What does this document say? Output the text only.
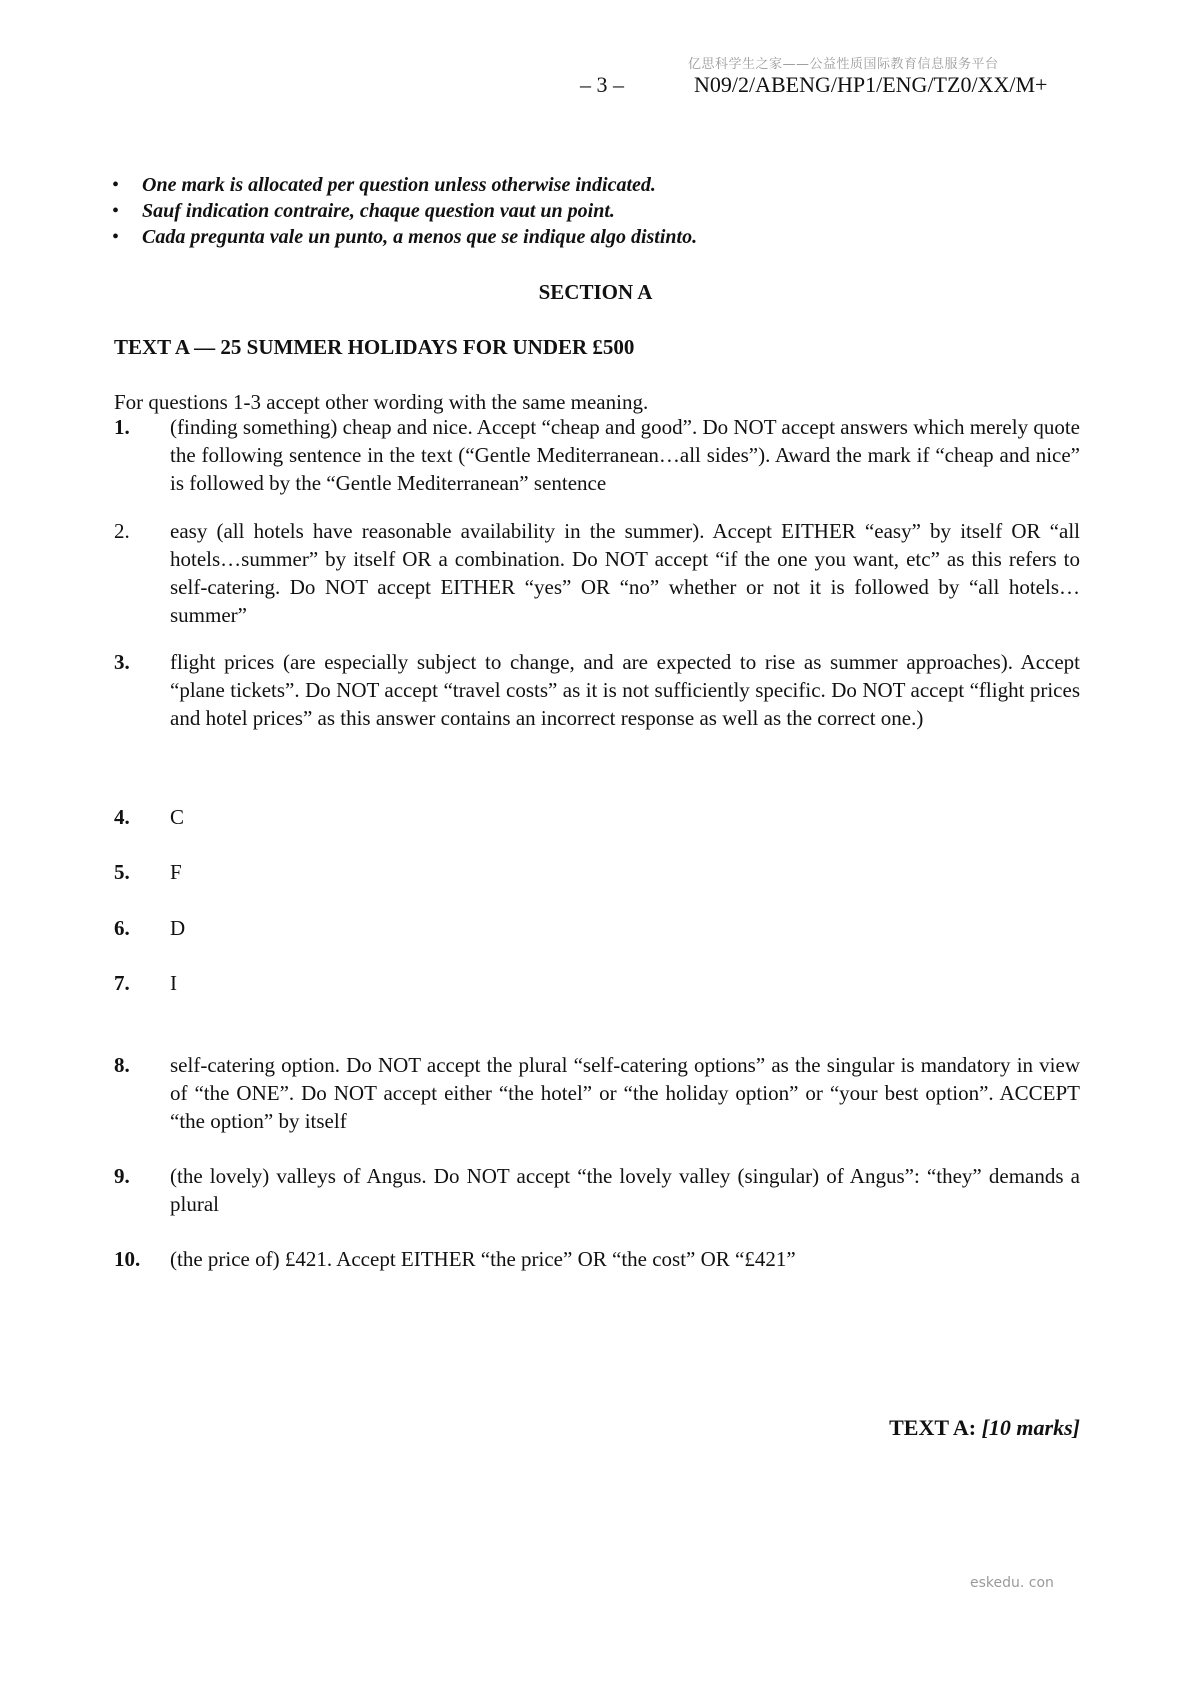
亿思科学生之家——公益性质国际教育信息服务平台
– 3 –	N09/2/ABENG/HP1/ENG/TZ0/XX/M+
•	One mark is allocated per question unless otherwise indicated.
•	Sauf indication contraire, chaque question vaut un point.
•	Cada pregunta vale un punto, a menos que se indique algo distinto.
SECTION A
TEXT A — 25 SUMMER HOLIDAYS FOR UNDER £500
For questions 1-3 accept other wording with the same meaning.
1.	(finding something) cheap and nice. Accept “cheap and good”. Do NOT accept answers which merely quote the following sentence in the text (“Gentle Mediterranean…all sides”). Award the mark if “cheap and nice” is followed by the “Gentle Mediterranean” sentence
2.	easy (all hotels have reasonable availability in the summer). Accept EITHER “easy” by itself OR “all hotels…summer” by itself OR a combination. Do NOT accept “if the one you want, etc” as this refers to self-catering. Do NOT accept EITHER “yes” OR “no” whether or not it is followed by “all hotels…summer”
3.	flight prices (are especially subject to change, and are expected to rise as summer approaches). Accept “plane tickets”. Do NOT accept “travel costs” as it is not sufficiently specific. Do NOT accept “flight prices and hotel prices” as this answer contains an incorrect response as well as the correct one.)
4.	C
5.	F
6.	D
7.	I
8.	self-catering option. Do NOT accept the plural “self-catering options” as the singular is mandatory in view of “the ONE”. Do NOT accept either “the hotel” or “the holiday option” or “your best option”. ACCEPT “the option” by itself
9.	(the lovely) valleys of Angus. Do NOT accept “the lovely valley (singular) of Angus”: “they” demands a plural
10.	(the price of) £421. Accept EITHER “the price” OR “the cost” OR “£421”
TEXT A: [10 marks]
eskedu. con
